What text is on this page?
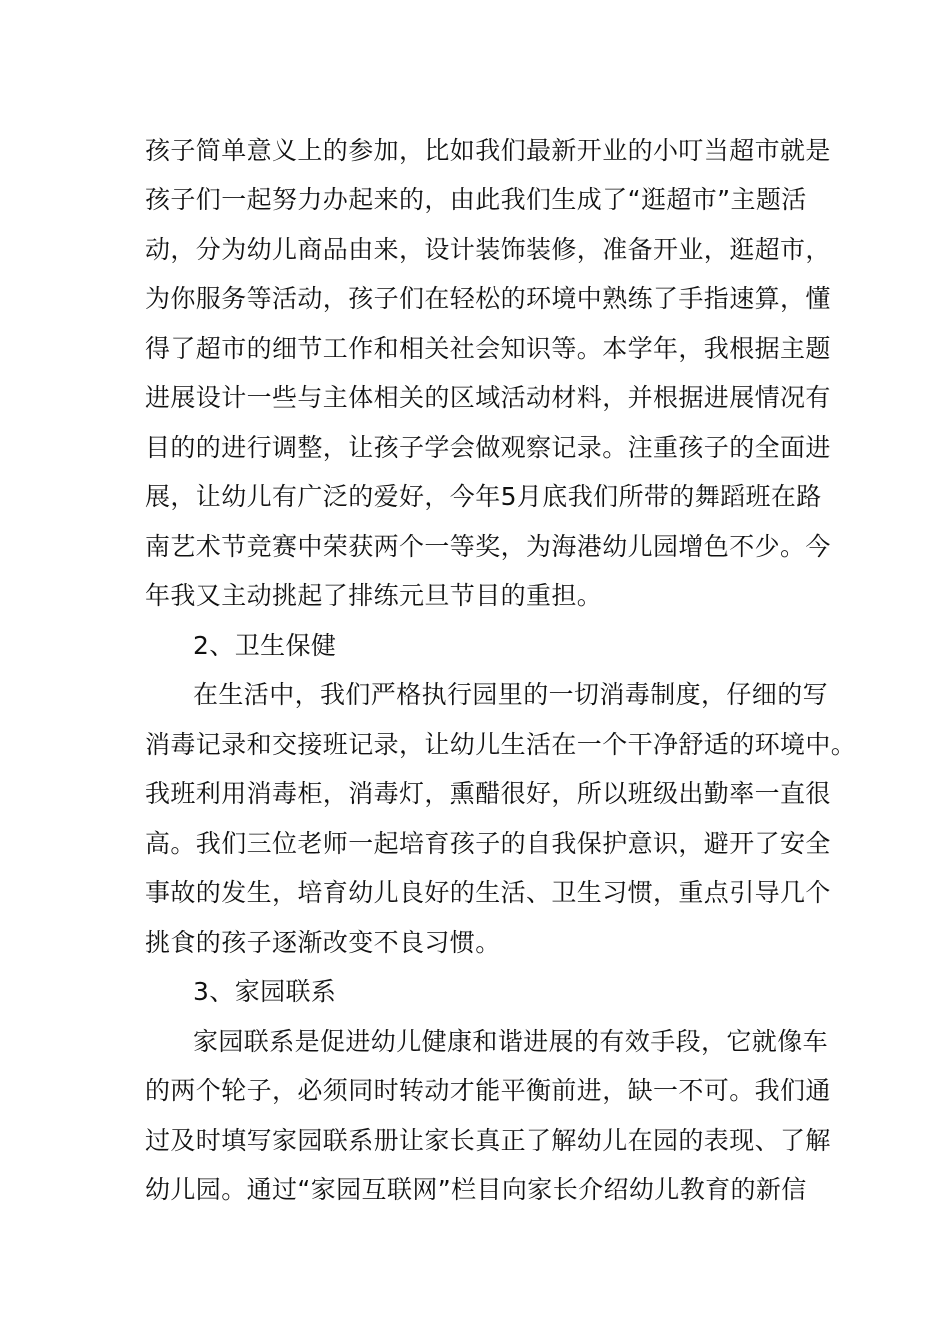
孩子简单意义上的参加，比如我们最新开业的小叮当超市就是
孩子们一起努力办起来的，由此我们生成了“逛超市”主题活
动，分为幼儿商品由来，设计装饰装修，准备开业，逛超市，
为你服务等活动，孩子们在轻松的环境中熟练了手指速算，懂
得了超市的细节工作和相关社会知识等。本学年，我根据主题
进展设计一些与主体相关的区域活动材料，并根据进展情况有
目的的进行调整，让孩子学会做观察记录。注重孩子的全面进
展，让幼儿有广泛的爱好，今年5月底我们所带的舞蹈班在路
南艺术节竞赛中荣获两个一等奖，为海港幼儿园增色不少。今
年我又主动挑起了排练元旦节目的重担。
2、卫生保健
在生活中，我们严格执行园里的一切消毒制度，仔细的写
消毒记录和交接班记录，让幼儿生活在一个干净舒适的环境中。
我班利用消毒柜，消毒灯，熏醋很好，所以班级出勤率一直很
高。我们三位老师一起培育孩子的自我保护意识，避开了安全
事故的发生，培育幼儿良好的生活、卫生习惯，重点引导几个
挑食的孩子逐渐改变不良习惯。
3、家园联系
家园联系是促进幼儿健康和谐进展的有效手段，它就像车
的两个轮子，必须同时转动才能平衡前进，缺一不可。我们通
过及时填写家园联系册让家长真正了解幼儿在园的表现、了解
幼儿园。通过“家园互联网”栏目向家长介绍幼儿教育的新信
